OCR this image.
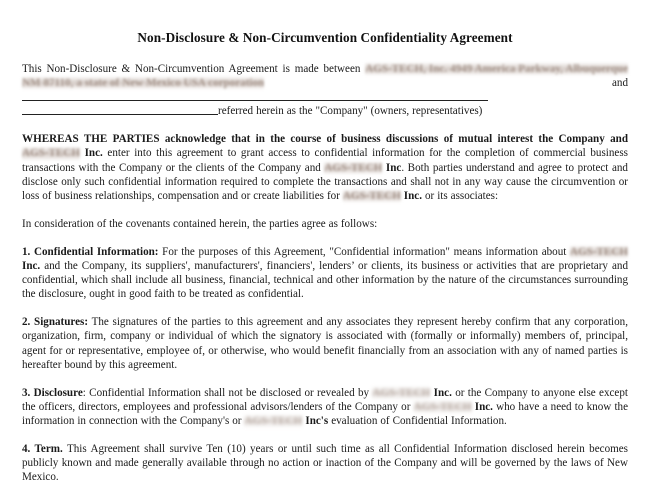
Non-Disclosure & Non-Circumvention Confidentiality Agreement

This Non-Disclosure & Non-Circumvention Agreement is made between AGS-TECH, Inc. 4949 America Parkway, AlbuquerqueNM 87110, a state of New Mexico USA corporation and
referred herein as the "Company" (owners, representatives)

WHEREAS THE PARTIES acknowledge that in the course of business discussions of mutual interest the Company and AGS-TECH Inc. enter into this agreement to grant access to confidential information for the completion of commercial business transactions with the Company or the clients of the Company and AGS-TECH Inc. Both parties understand and agree to protect and disclose only such confidential information required to complete the transactions and shall not in any way cause the circumvention or loss of business relationships, compensation and or create liabilities for AGS-TECH Inc. or its associates:

In consideration of the covenants contained herein, the parties agree as follows:

1. Confidential Information: For the purposes of this Agreement, "Confidential information" means information about AGS-TECH Inc. and the Company, its suppliers', manufacturers', financiers', lenders’ or clients, its business or activities that are proprietary and confidential, which shall include all business, financial, technical and other information by the nature of the circumstances surrounding the disclosure, ought in good faith to be treated as confidential.

2. Signatures: The signatures of the parties to this agreement and any associates they represent hereby confirm that any corporation, organization, firm, company or individual of which the signatory is associated with (formally or informally) members of, principal, agent for or representative, employee of, or otherwise, who would benefit financially from an association with any of named parties is hereafter bound by this agreement.

3. Disclosure: Confidential Information shall not be disclosed or revealed by AGS-TECH Inc. or the Company to anyone else except the officers, directors, employees and professional advisors/lenders of the Company or AGS-TECH Inc. who have a need to know the information in connection with the Company's or AGS-TECH Inc's evaluation of Confidential Information.

4. Term. This Agreement shall survive Ten (10) years or until such time as all Confidential Information disclosed herein becomes publicly known and made generally available through no action or inaction of the Company and will be governed by the laws of New Mexico.
